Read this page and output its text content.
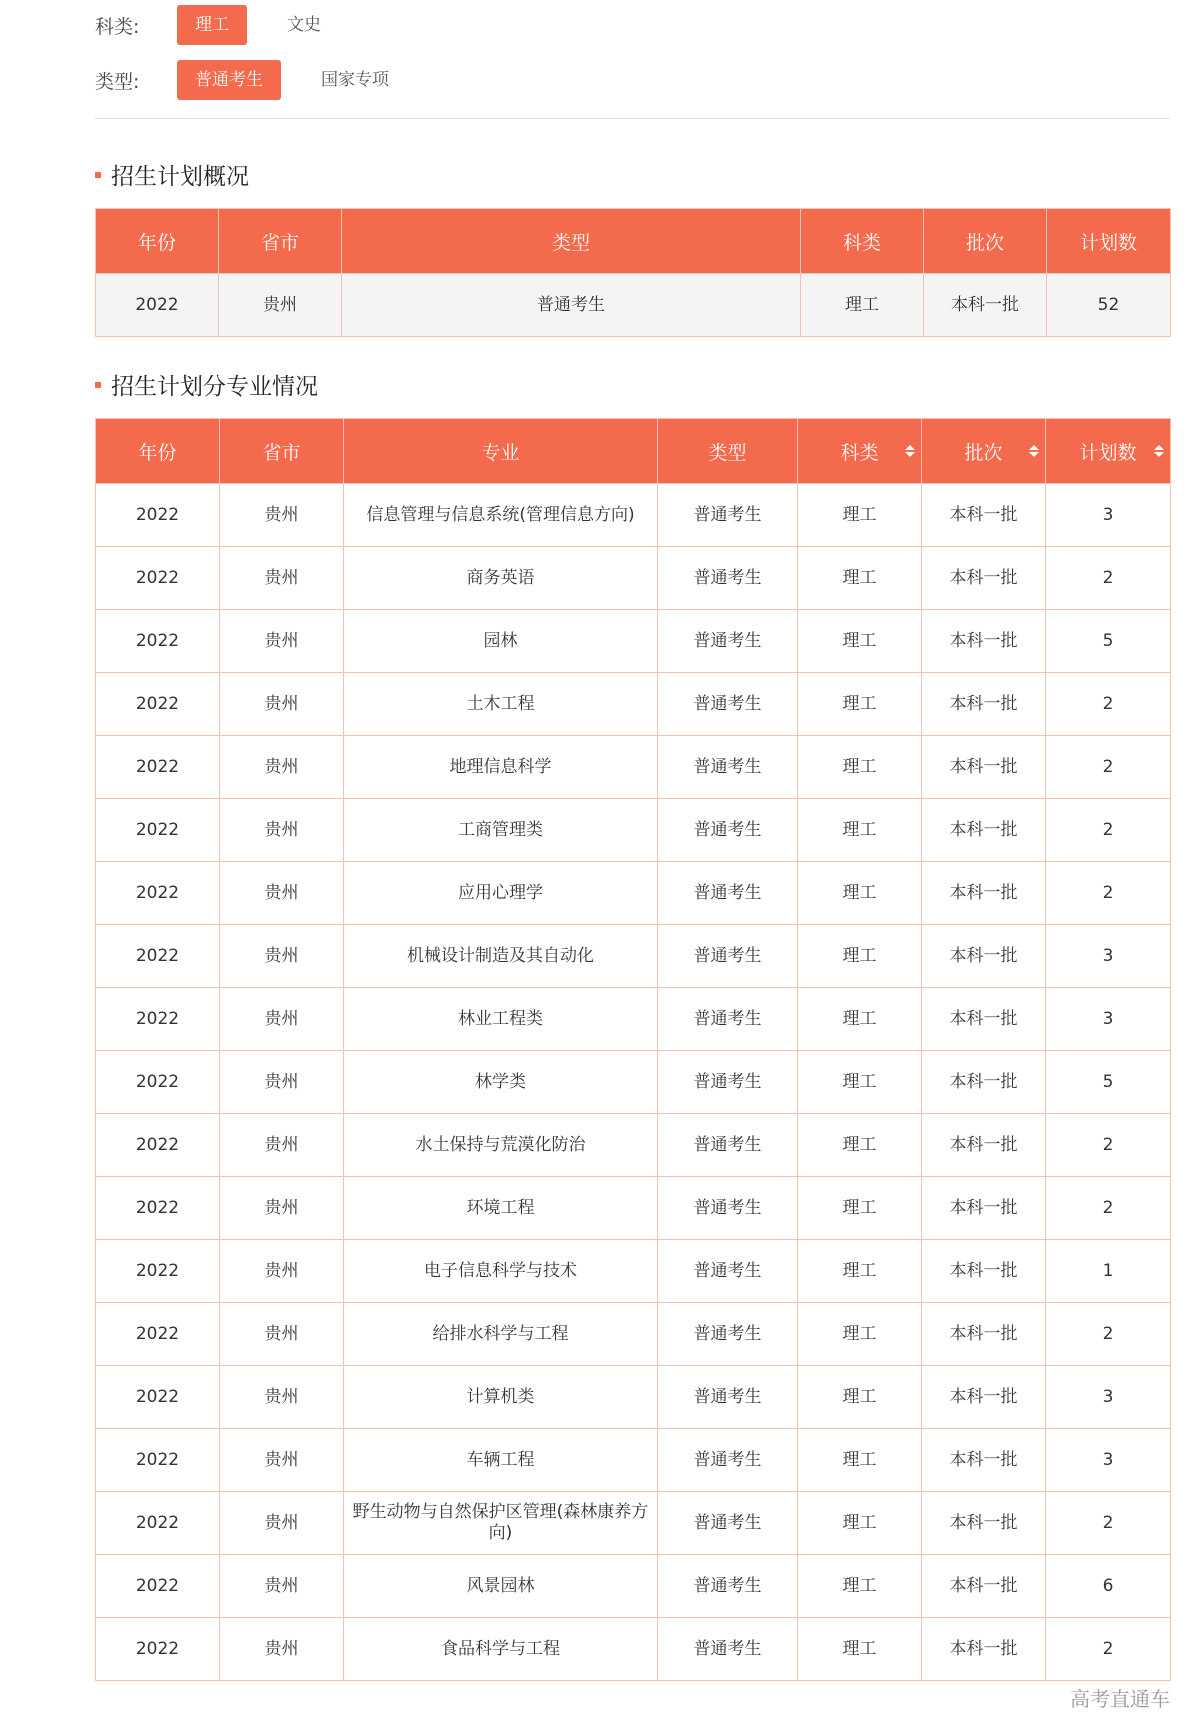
科类:	理工	文史
类型:	普通考生	国家专项
招生计划概况
年份	省市	类型	科类	批次	计划数
2022	贵州	普通考生	理工	本科一批	52
招生计划分专业情况
年份	省市	专业	类型	科类	批次	计划数

2022	贵州	信息管理与信息系统(管理信息方向)	普通考生	理工	本科一批	3
2022	贵州	商务英语	普通考生	理工	本科一批	2
2022	贵州	园林	普通考生	理工	本科一批	5
2022	贵州	土木工程	普通考生	理工	本科一批	2
2022	贵州	地理信息科学	普通考生	理工	本科一批	2
2022	贵州	工商管理类	普通考生	理工	本科一批	2
2022	贵州	应用心理学	普通考生	理工	本科一批	2
2022	贵州	机械设计制造及其自动化	普通考生	理工	本科一批	3
2022	贵州	林业工程类	普通考生	理工	本科一批	3
2022	贵州	林学类	普通考生	理工	本科一批	5
2022	贵州	水土保持与荒漠化防治	普通考生	理工	本科一批	2
2022	贵州	环境工程	普通考生	理工	本科一批	2
2022	贵州	电子信息科学与技术	普通考生	理工	本科一批	1
2022	贵州	给排水科学与工程	普通考生	理工	本科一批	2
2022	贵州	计算机类	普通考生	理工	本科一批	3
2022	贵州	车辆工程	普通考生	理工	本科一批	3
2022	贵州	野生动物与自然保护区管理(森林康养方向)	普通考生	理工	本科一批	2
2022	贵州	风景园林	普通考生	理工	本科一批	6
2022	贵州	食品科学与工程	普通考生	理工	本科一批	2
高考直通车
